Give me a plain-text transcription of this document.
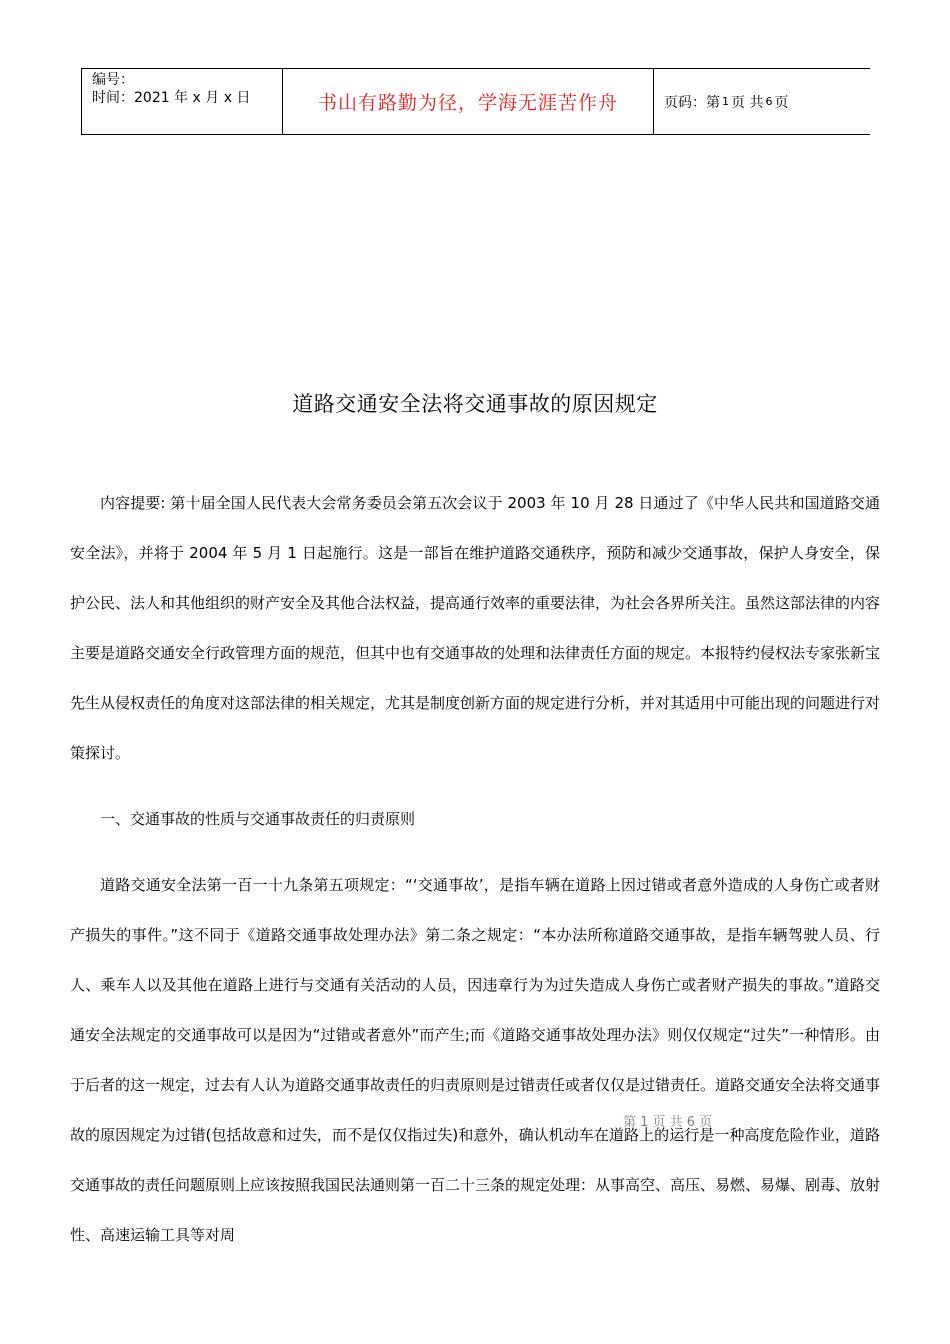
编号：
时间：2021 年 x 月 x 日	书山有路勤为径，学海无涯苦作舟	页码：第 1 页 共 6 页
道路交通安全法将交通事故的原因规定

内容提要: 第十届全国人民代表大会常务委员会第五次会议于 2003 年 10 月 28 日通过了《中华人民共和国道路交通安全法》，并将于 2004 年 5 月 1 日起施行。这是一部旨在维护道路交通秩序，预防和减少交通事故，保护人身安全，保护公民、法人和其他组织的财产安全及其他合法权益，提高通行效率的重要法律，为社会各界所关注。虽然这部法律的内容主要是道路交通安全行政管理方面的规范，但其中也有交通事故的处理和法律责任方面的规定。本报特约侵权法专家张新宝先生从侵权责任的角度对这部法律的相关规定，尤其是制度创新方面的规定进行分析，并对其适用中可能出现的问题进行对策探讨。

一、交通事故的性质与交通事故责任的归责原则

道路交通安全法第一百一十九条第五项规定：“‘交通事故’，是指车辆在道路上因过错或者意外造成的人身伤亡或者财产损失的事件。”这不同于《道路交通事故处理办法》第二条之规定：“本办法所称道路交通事故，是指车辆驾驶人员、行人、乘车人以及其他在道路上进行与交通有关活动的人员，因违章行为为过失造成人身伤亡或者财产损失的事故。”道路交通安全法规定的交通事故可以是因为“过错或者意外”而产生;而《道路交通事故处理办法》则仅仅规定“过失”一种情形。由于后者的这一规定，过去有人认为道路交通事故责任的归责原则是过错责任或者仅仅是过错责任。道路交通安全法将交通事故的原因规定为过错(包括故意和过失，而不是仅仅指过失)和意外，确认机动车在道路上的运行是一种高度危险作业，道路交通事故的责任问题原则上应该按照我国民法通则第一百二十三条的规定处理：从事高空、高压、易燃、易爆、剧毒、放射性、高速运输工具等对周

第 1 页 共 6 页
